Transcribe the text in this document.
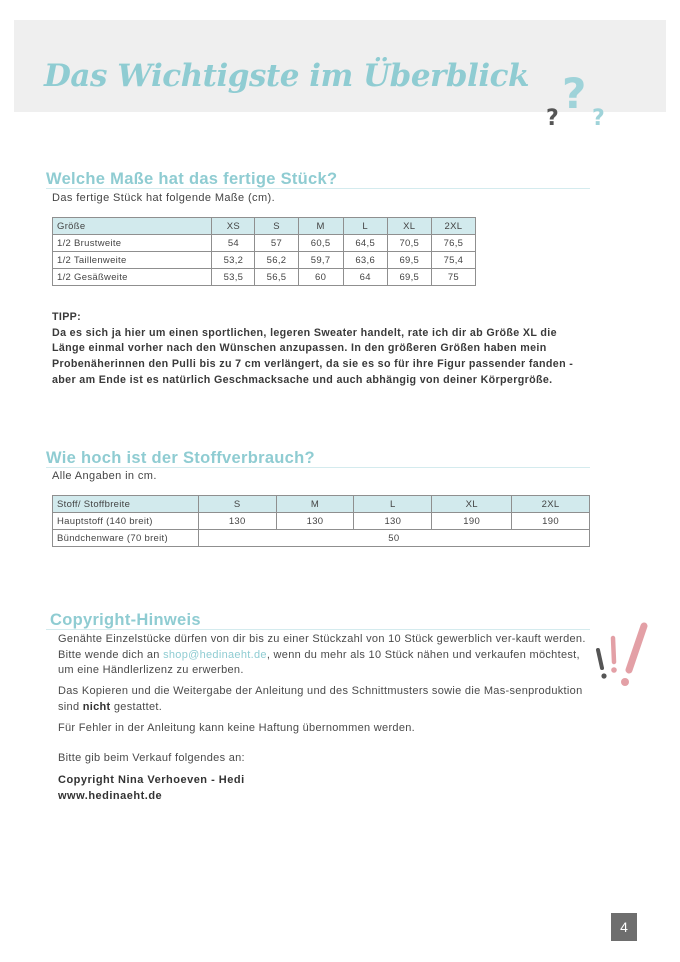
Das Wichtigste im Überblick
?
?
?
Welche Maße hat das fertige Stück?
Das fertige Stück hat folgende Maße (cm).
Größe	XS	S	M	L	XL	2XL
1/2 Brustweite	54	57	60,5	64,5	70,5	76,5
1/2 Taillenweite	53,2	56,2	59,7	63,6	69,5	75,4
1/2 Gesäßweite	53,5	56,5	60	64	69,5	75
TIPP:
Da es sich ja hier um einen sportlichen, legeren Sweater handelt, rate ich dir ab Größe XL die Länge einmal vorher nach den Wünschen anzupassen. In den größeren Größen haben mein Probenäherinnen den Pulli bis zu 7 cm verlängert, da sie es so für ihre Figur passender fanden - aber am Ende ist es natürlich Geschmacksache und auch abhängig von deiner Körpergröße.
Wie hoch ist der Stoffverbrauch?
Alle Angaben in cm.
Stoff/ Stoffbreite	S	M	L	XL	2XL
Hauptstoff (140 breit)	130	130	130	190	190
Bündchenware (70 breit)	50				
Copyright-Hinweis
Genähte Einzelstücke dürfen von dir bis zu einer Stückzahl von 10 Stück gewerblich ver-kauft werden. Bitte wende dich an shop@hedinaeht.de, wenn du mehr als 10 Stück nähen und verkaufen möchtest, um eine Händlerlizenz zu erwerben.
Das Kopieren und die Weitergabe der Anleitung und des Schnittmusters sowie die Mas-senproduktion sind nicht gestattet.
Für Fehler in der Anleitung kann keine Haftung übernommen werden.
Bitte gib beim Verkauf folgendes an:
Copyright Nina Verhoeven - Hedi
www.hedinaeht.de
4
